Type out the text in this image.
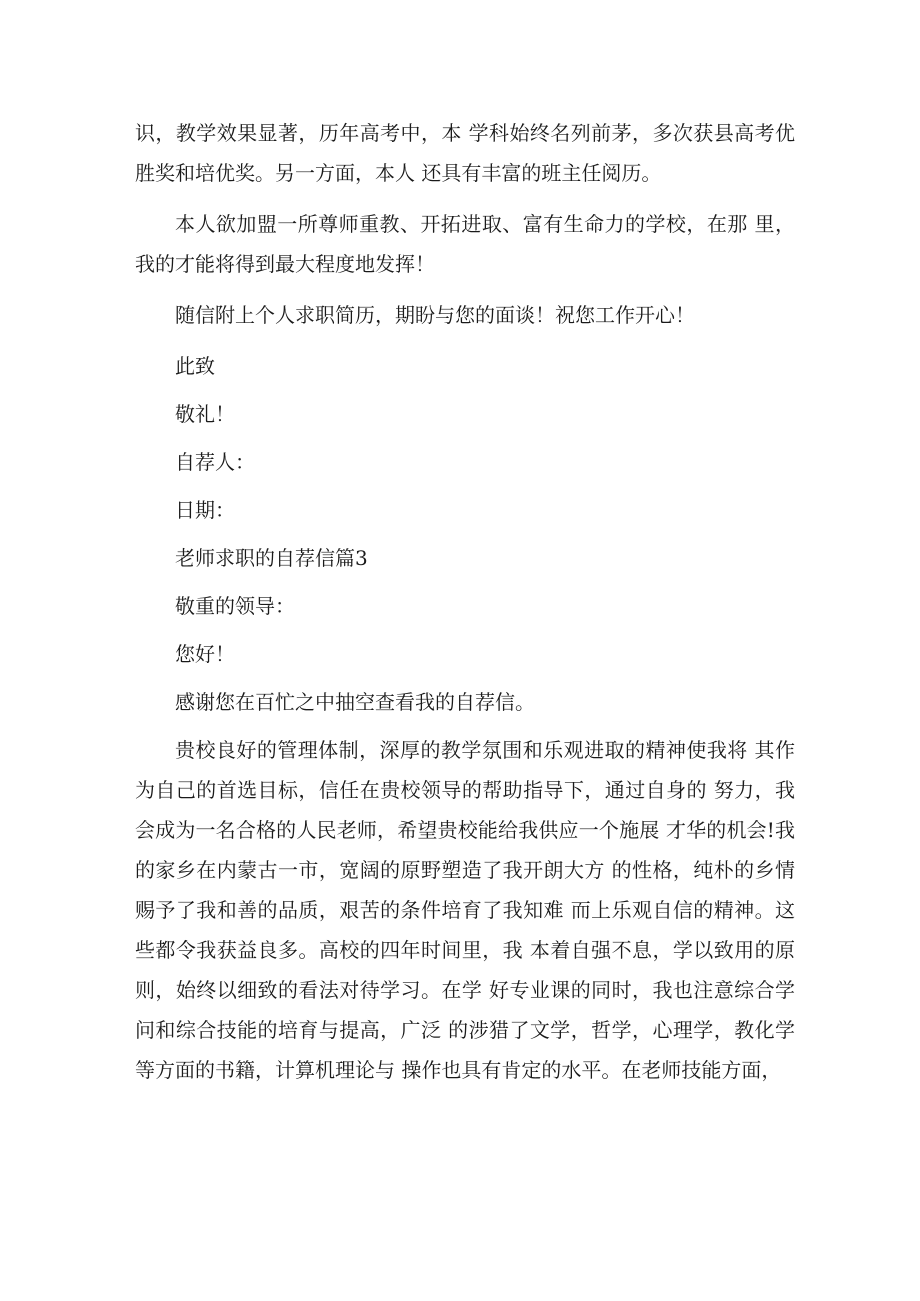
识，教学效果显著，历年高考中，本 学科始终名列前茅，多次获县高考优胜奖和培优奖。另一方面，本人 还具有丰富的班主任阅历。

本人欲加盟一所尊师重教、开拓进取、富有生命力的学校，在那 里，我的才能将得到最大程度地发挥！

随信附上个人求职简历，期盼与您的面谈！祝您工作开心！

此致
敬礼！
自荐人：
日期：
老师求职的自荐信篇3
敬重的领导：
您好！
感谢您在百忙之中抽空查看我的自荐信。

贵校良好的管理体制，深厚的教学氛围和乐观进取的精神使我将 其作为自己的首选目标，信任在贵校领导的帮助指导下，通过自身的 努力，我会成为一名合格的人民老师，希望贵校能给我供应一个施展 才华的机会!我的家乡在内蒙古一市，宽阔的原野塑造了我开朗大方 的性格，纯朴的乡情赐予了我和善的品质，艰苦的条件培育了我知难 而上乐观自信的精神。这些都令我获益良多。高校的四年时间里，我 本着自强不息，学以致用的原则，始终以细致的看法对待学习。在学 好专业课的同时，我也注意综合学问和综合技能的培育与提高，广泛 的涉猎了文学，哲学，心理学，教化学等方面的书籍，计算机理论与 操作也具有肯定的水平。在老师技能方面，
